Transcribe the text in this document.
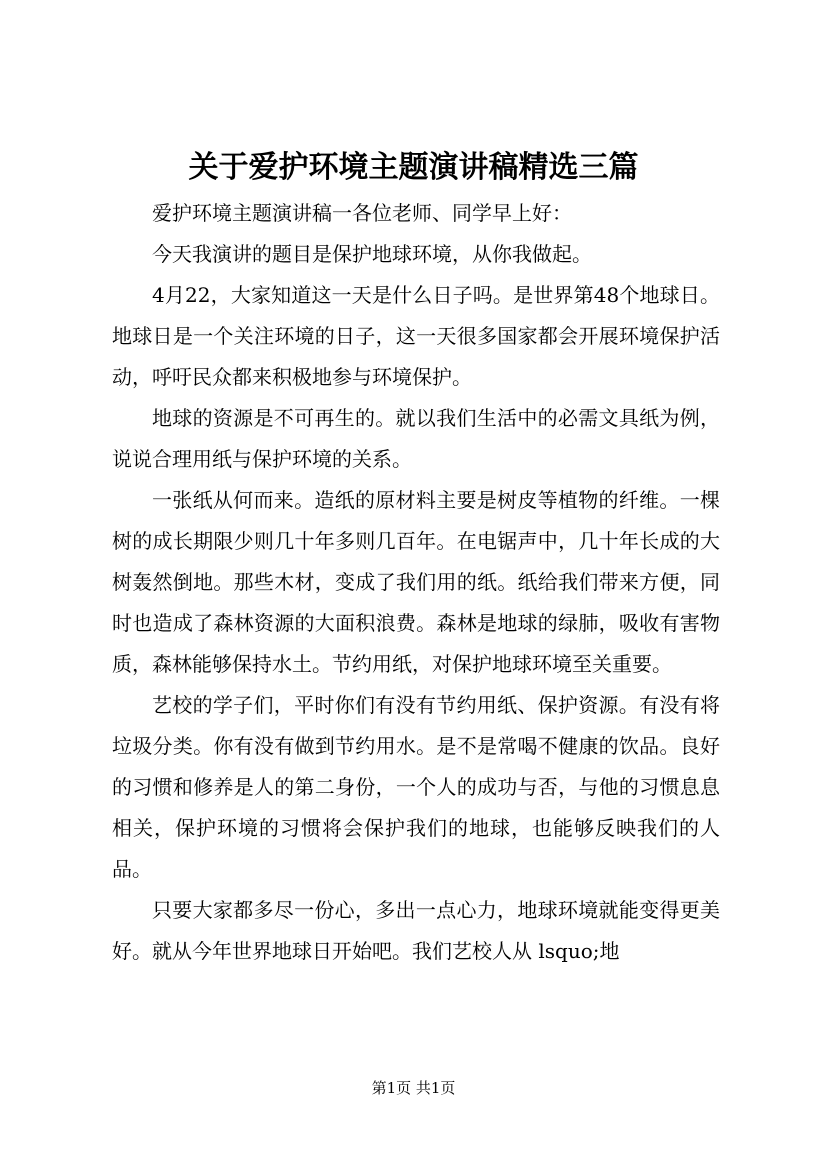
关于爱护环境主题演讲稿精选三篇

爱护环境主题演讲稿一各位老师、同学早上好：

今天我演讲的题目是保护地球环境，从你我做起。

4月22，大家知道这一天是什么日子吗。是世界第48个地球日。地球日是一个关注环境的日子，这一天很多国家都会开展环境保护活动，呼吁民众都来积极地参与环境保护。

地球的资源是不可再生的。就以我们生活中的必需文具纸为例，说说合理用纸与保护环境的关系。

一张纸从何而来。造纸的原材料主要是树皮等植物的纤维。一棵树的成长期限少则几十年多则几百年。在电锯声中，几十年长成的大树轰然倒地。那些木材，变成了我们用的纸。纸给我们带来方便，同时也造成了森林资源的大面积浪费。森林是地球的绿肺，吸收有害物质，森林能够保持水土。节约用纸，对保护地球环境至关重要。

艺校的学子们，平时你们有没有节约用纸、保护资源。有没有将垃圾分类。你有没有做到节约用水。是不是常喝不健康的饮品。良好的习惯和修养是人的第二身份，一个人的成功与否，与他的习惯息息相关，保护环境的习惯将会保护我们的地球，也能够反映我们的人品。

只要大家都多尽一份心，多出一点心力，地球环境就能变得更美好。就从今年世界地球日开始吧。我们艺校人从 lsquo;地

第1页 共1页
